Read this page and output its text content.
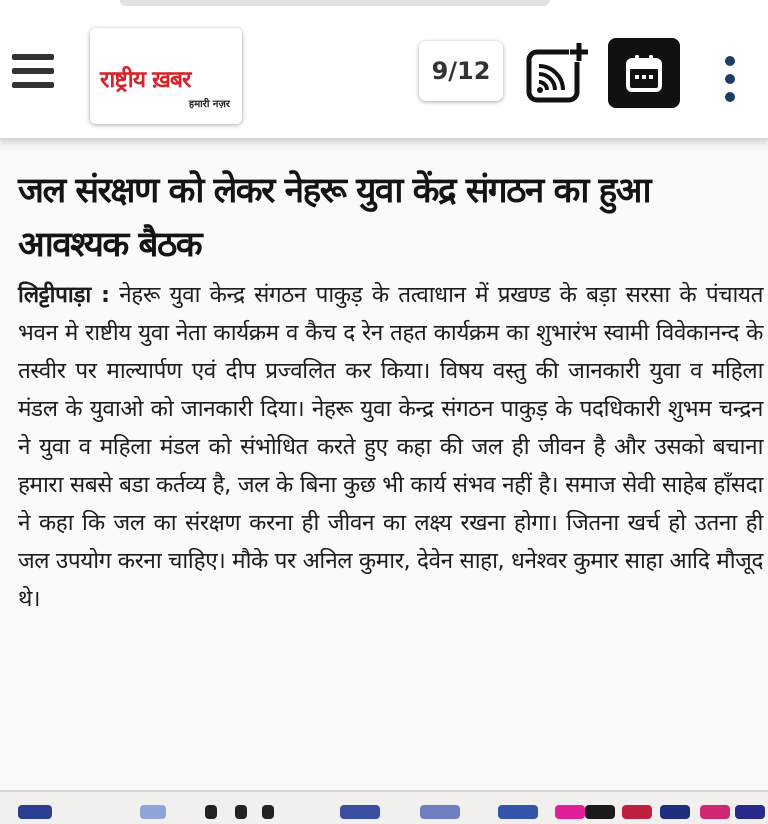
राष्ट्रीय ख़बर
हमारी नज़र
9/12
जल संरक्षण को लेकर नेहरू युवा केंद्र संगठन का हुआ आवश्यक बैठक

लिट्टीपाड़ा : नेहरू युवा केन्द्र संगठन पाकुड़ के तत्वाधान में प्रखण्ड के बड़ा सरसा के पंचायत भवन मे राष्टीय युवा नेता कार्यक्रम व कैच द रेन तहत कार्यक्रम का शुभारंभ स्वामी विवेकानन्द के तस्वीर पर माल्यार्पण एवं दीप प्रज्वलित कर किया। विषय वस्तु की जानकारी युवा व महिला मंडल के युवाओ को जानकारी दिया। नेहरू युवा केन्द्र संगठन पाकुड़ के पदधिकारी शुभम चन्द्रन ने युवा व महिला मंडल को संभोधित करते हुए कहा की जल ही जीवन है और उसको बचाना हमारा सबसे बडा कर्तव्य है, जल के बिना कुछ भी कार्य संभव नहीं है। समाज सेवी साहेब हाँसदा ने कहा कि जल का संरक्षण करना ही जीवन का लक्ष्य रखना होगा। जितना खर्च हो उतना ही जल उपयोग करना चाहिए। मौके पर अनिल कुमार, देवेन साहा, धनेश्वर कुमार साहा आदि मौजूद थे।
